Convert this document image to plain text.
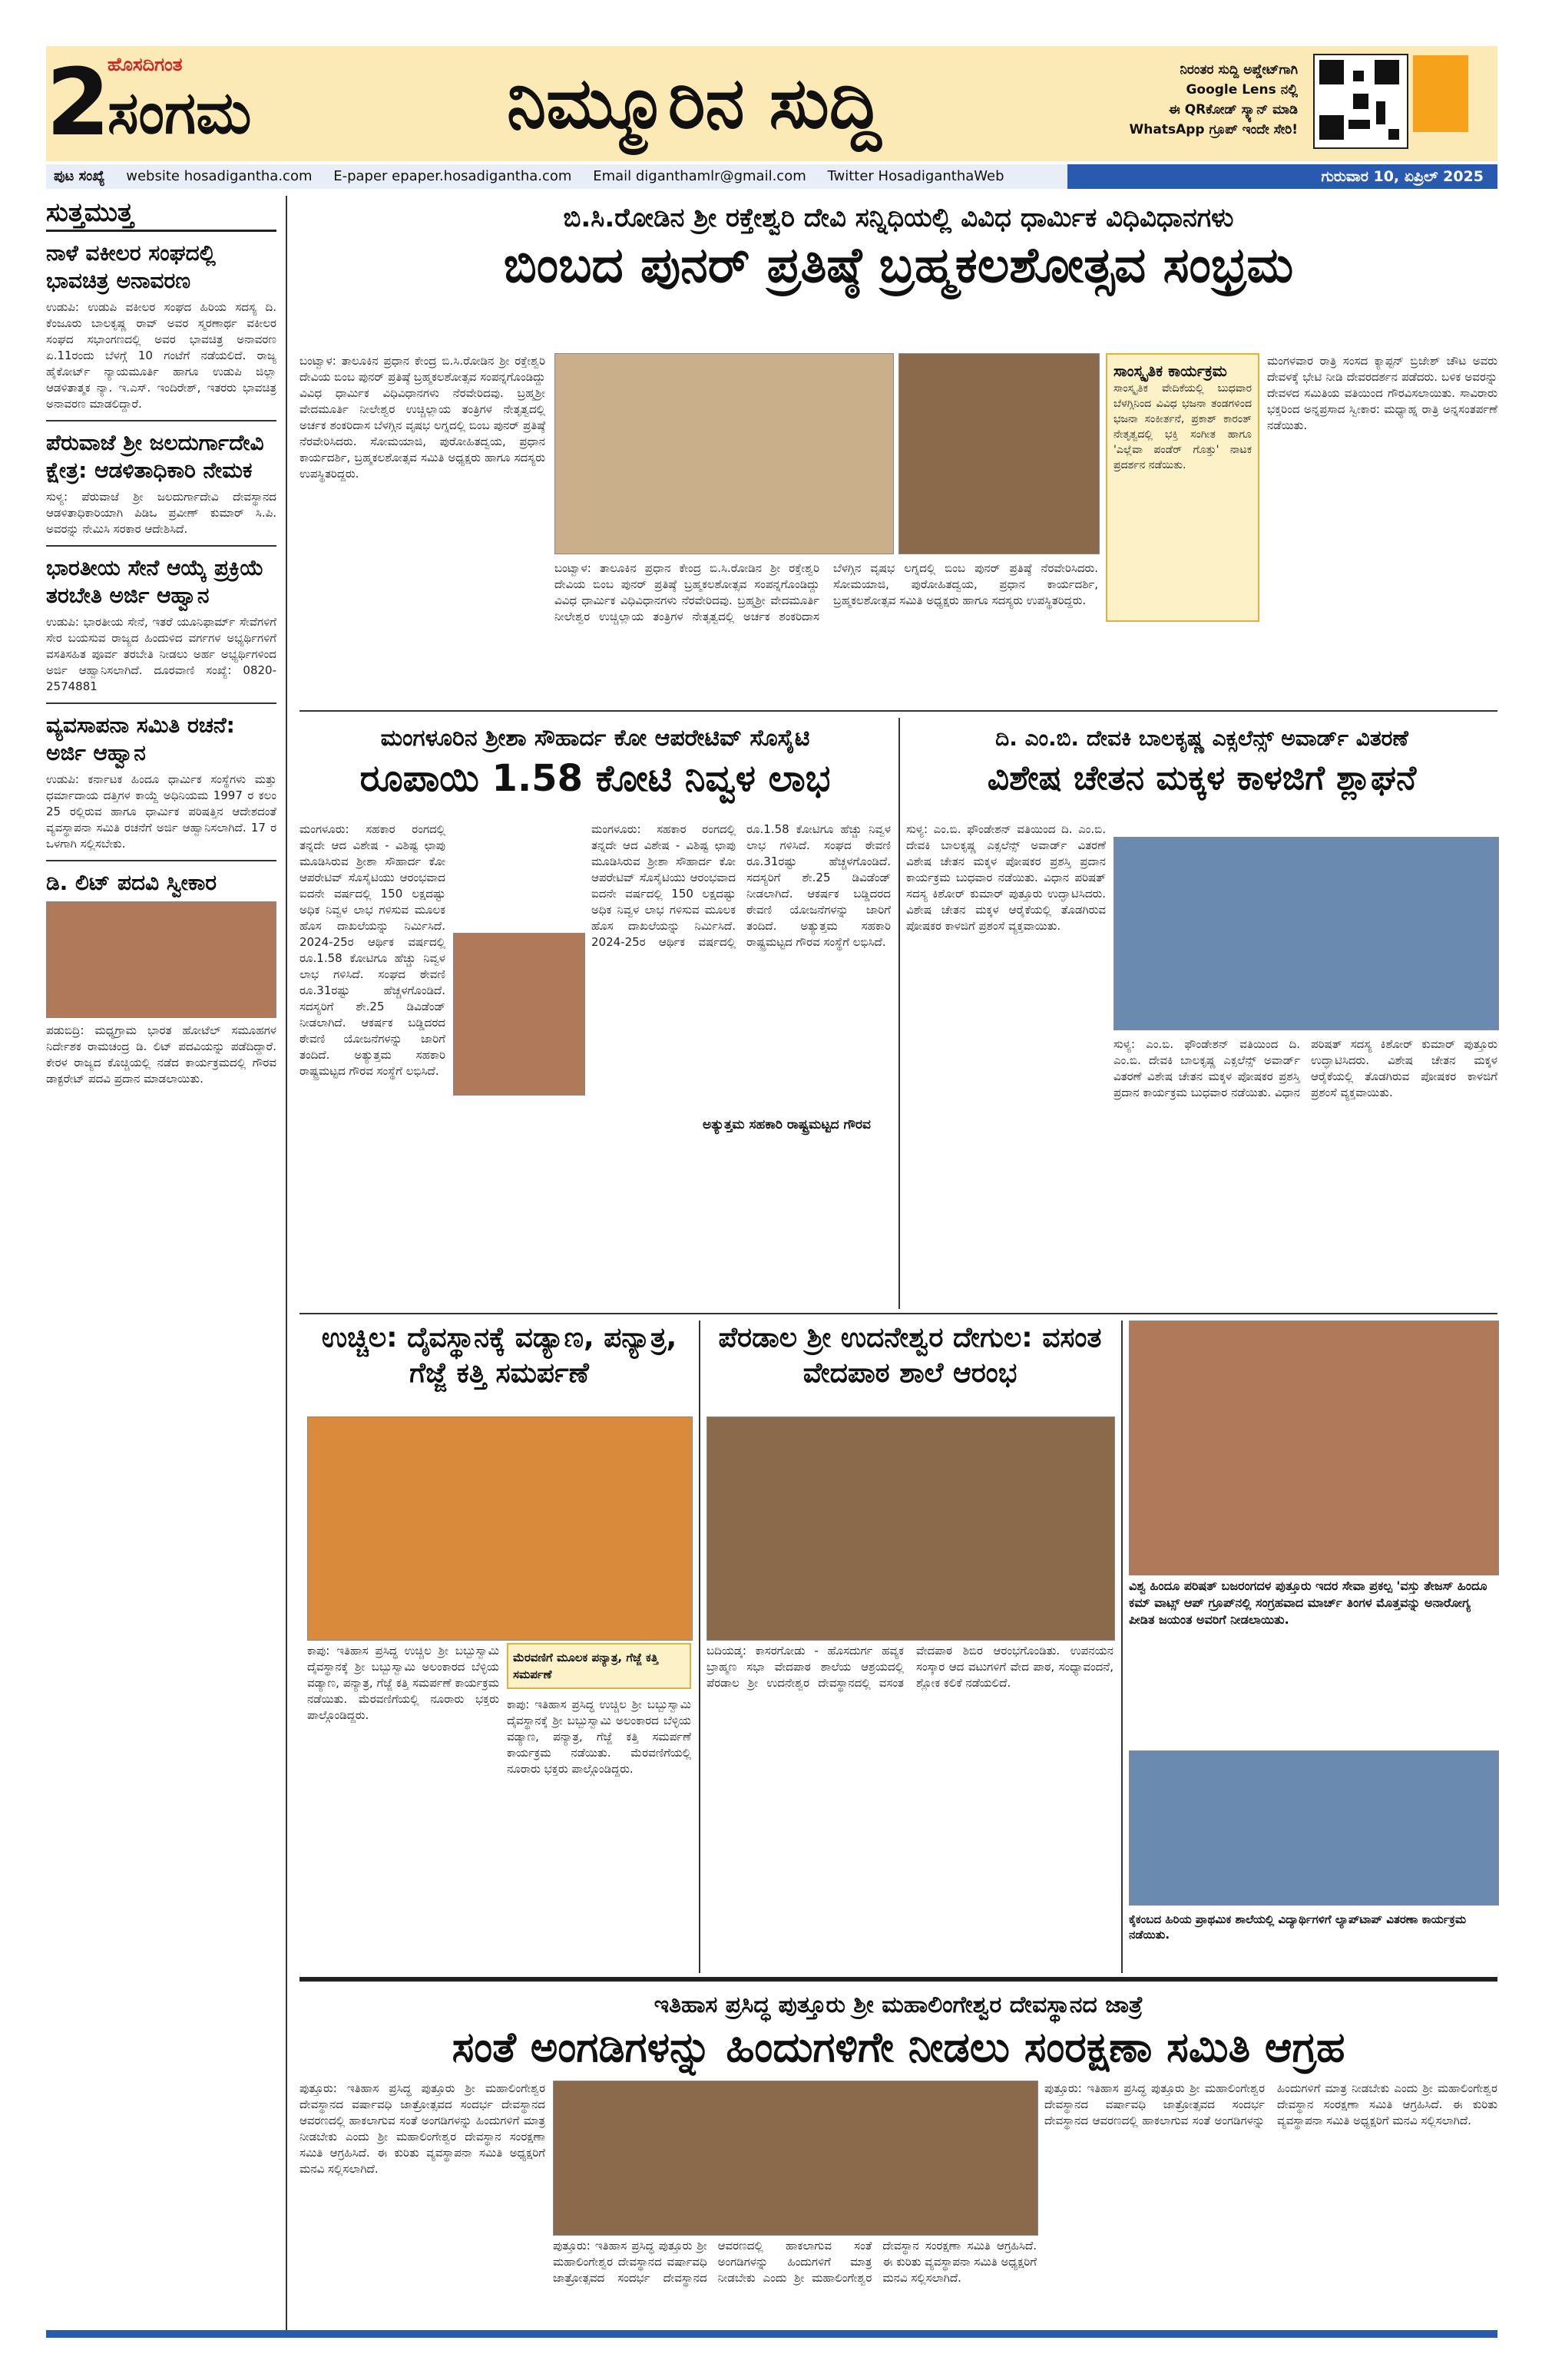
2
ಹೊಸದಿಗಂತ
ಸಂಗಮ	ನಿಮ್ಮೂರಿನ ಸುದ್ದಿ	ನಿರಂತರ ಸುದ್ದಿ ಅಪ್ಡೇಟ್‌ಗಾಗಿ
Google Lens ನಲ್ಲಿ
ಈ QRಕೋಡ್ ಸ್ಕ್ಯಾನ್ ಮಾಡಿ
WhatsApp ಗ್ರೂಪ್ ಇಂದೇ ಸೇರಿ!
ಪುಟ ಸಂಖ್ಯೆ website hosadigantha.com E-paper epaper.hosadigantha.com Email diganthamlr@gmail.com Twitter HosadiganthaWeb	ಗುರುವಾರ 10, ಏಪ್ರಿಲ್ 2025
ಸುತ್ತಮುತ್ತ
ನಾಳೆ ವಕೀಲರ ಸಂಘದಲ್ಲಿ ಭಾವಚಿತ್ರ ಅನಾವರಣ
ಉಡುಪಿ: ಉಡುಪಿ ವಕೀಲರ ಸಂಘದ ಹಿರಿಯ ಸದಸ್ಯ ದಿ. ಕೆಂಜೂರು ಬಾಲಕೃಷ್ಣ ರಾವ್ ಅವರ ಸ್ಮರಣಾರ್ಥ ವಕೀಲರ ಸಂಘದ ಸಭಾಂಗಣದಲ್ಲಿ ಅವರ ಭಾವಚಿತ್ರ ಅನಾವರಣ ಏ.11ರಂದು ಬೆಳಗ್ಗೆ 10 ಗಂಟೆಗೆ ನಡೆಯಲಿದೆ. ರಾಜ್ಯ ಹೈಕೋರ್ಟ್ ನ್ಯಾಯಮೂರ್ತಿ ಹಾಗೂ ಉಡುಪಿ ಜಿಲ್ಲಾ ಆಡಳಿತಾತ್ಮಕ ನ್ಯಾ. ಇ.ಎಸ್. ಇಂದಿರೇಶ್, ಇತರರು ಭಾವಚಿತ್ರ ಅನಾವರಣ ಮಾಡಲಿದ್ದಾರೆ.
ಪೆರುವಾಜೆ ಶ್ರೀ ಜಲದುರ್ಗಾದೇವಿ ಕ್ಷೇತ್ರ: ಆಡಳಿತಾಧಿಕಾರಿ ನೇಮಕ
ಸುಳ್ಯ: ಪೆರುವಾಜೆ ಶ್ರೀ ಜಲದುರ್ಗಾದೇವಿ ದೇವಸ್ಥಾನದ ಆಡಳಿತಾಧಿಕಾರಿಯಾಗಿ ಪಿಡಿಒ ಪ್ರವೀಣ್ ಕುಮಾರ್ ಸಿ.ಪಿ. ಅವರನ್ನು ನೇಮಿಸಿ ಸರಕಾರ ಆದೇಶಿಸಿದೆ.
ಭಾರತೀಯ ಸೇನೆ ಆಯ್ಕೆ ಪ್ರಕ್ರಿಯೆ ತರಬೇತಿ ಅರ್ಜಿ ಆಹ್ವಾನ
ಉಡುಪಿ: ಭಾರತೀಯ ಸೇನೆ, ಇತರೆ ಯೂನಿಫಾರ್ಮ್ ಸೇವೆಗಳಿಗೆ ಸೇರ ಬಯಸುವ ರಾಜ್ಯದ ಹಿಂದುಳಿದ ವರ್ಗಗಳ ಅಭ್ಯರ್ಥಿಗಳಿಗೆ ವಸತಿಸಹಿತ ಪೂರ್ವ ತರಬೇತಿ ನೀಡಲು ಅರ್ಹ ಅಭ್ಯರ್ಥಿಗಳಿಂದ ಅರ್ಜಿ ಆಹ್ವಾನಿಸಲಾಗಿದೆ. ದೂರವಾಣಿ ಸಂಖ್ಯೆ: 0820-2574881
ವ್ಯವಸಾಪನಾ ಸಮಿತಿ ರಚನೆ: ಅರ್ಜಿ ಆಹ್ವಾನ
ಉಡುಪಿ: ಕರ್ನಾಟಕ ಹಿಂದೂ ಧಾರ್ಮಿಕ ಸಂಸ್ಥೆಗಳು ಮತ್ತು ಧರ್ಮಾದಾಯ ದತ್ತಿಗಳ ಕಾಯ್ದೆ ಅಧಿನಿಯಮ 1997 ರ ಕಲಂ 25 ರಲ್ಲಿರುವ ಹಾಗೂ ಧಾರ್ಮಿಕ ಪರಿಷತ್ತಿನ ಆದೇಶದಂತೆ ವ್ಯವಸ್ಥಾಪನಾ ಸಮಿತಿ ರಚನೆಗೆ ಅರ್ಜಿ ಆಹ್ವಾನಿಸಲಾಗಿದೆ. 17 ರ ಒಳಗಾಗಿ ಸಲ್ಲಿಸಬೇಕು.
ಡಿ. ಲಿಟ್ ಪದವಿ ಸ್ವೀಕಾರ
ಪಡುಬಿದ್ರಿ: ಮಧ್ಯಗ್ರಾಮ ಭಾರತ ಹೋಟೆಲ್ ಸಮೂಹಗಳ ನಿರ್ದೇಶಕ ರಾಮಚಂದ್ರ ಡಿ. ಲಿಟ್ ಪದವಿಯನ್ನು ಪಡೆದಿದ್ದಾರೆ. ಕೇರಳ ರಾಜ್ಯದ ಕೊಚ್ಚಿಯಲ್ಲಿ ನಡೆದ ಕಾರ್ಯಕ್ರಮದಲ್ಲಿ ಗೌರವ ಡಾಕ್ಟರೇಟ್ ಪದವಿ ಪ್ರದಾನ ಮಾಡಲಾಯಿತು.
ಬಿ.ಸಿ.ರೋಡಿನ ಶ್ರೀ ರಕ್ತೇಶ್ವರಿ ದೇವಿ ಸನ್ನಿಧಿಯಲ್ಲಿ ವಿವಿಧ ಧಾರ್ಮಿಕ ವಿಧಿವಿಧಾನಗಳು
ಬಿಂಬದ ಪುನರ್ ಪ್ರತಿಷ್ಠೆ ಬ್ರಹ್ಮಕಲಶೋತ್ಸವ ಸಂಭ್ರಮ
ಬಂಟ್ವಾಳ: ತಾಲೂಕಿನ ಪ್ರಧಾನ ಕೇಂದ್ರ ಬಿ.ಸಿ.ರೋಡಿನ ಶ್ರೀ ರಕ್ತೇಶ್ವರಿ ದೇವಿಯ ಬಿಂಬ ಪುನರ್ ಪ್ರತಿಷ್ಠೆ ಬ್ರಹ್ಮಕಲಶೋತ್ಸವ ಸಂಪನ್ನಗೊಂಡಿದ್ದು ವಿವಿಧ ಧಾರ್ಮಿಕ ವಿಧಿವಿಧಾನಗಳು ನೆರವೇರಿದವು. ಬ್ರಹ್ಮಶ್ರೀ ವೇದಮೂರ್ತಿ ನೀಲೇಶ್ವರ ಉಚ್ಚಿಲ್ಲಾಯ ತಂತ್ರಿಗಳ ನೇತೃತ್ವದಲ್ಲಿ ಅರ್ಚಕ ಶಂಕರಿದಾಸ ಬೆಳಗ್ಗಿನ ವೃಷಭ ಲಗ್ನದಲ್ಲಿ ಬಿಂಬ ಪುನರ್ ಪ್ರತಿಷ್ಠೆ ನೆರವೇರಿಸಿದರು. ಸೋಮಯಾಜಿ, ಪುರೋಹಿತದ್ವಯ, ಪ್ರಧಾನ ಕಾರ್ಯದರ್ಶಿ, ಬ್ರಹ್ಮಕಲಶೋತ್ಸವ ಸಮಿತಿ ಅಧ್ಯಕ್ಷರು ಹಾಗೂ ಸದಸ್ಯರು ಉಪಸ್ಥಿತರಿದ್ದರು.
ಬಂಟ್ವಾಳ: ತಾಲೂಕಿನ ಪ್ರಧಾನ ಕೇಂದ್ರ ಬಿ.ಸಿ.ರೋಡಿನ ಶ್ರೀ ರಕ್ತೇಶ್ವರಿ ದೇವಿಯ ಬಿಂಬ ಪುನರ್ ಪ್ರತಿಷ್ಠೆ ಬ್ರಹ್ಮಕಲಶೋತ್ಸವ ಸಂಪನ್ನಗೊಂಡಿದ್ದು ವಿವಿಧ ಧಾರ್ಮಿಕ ವಿಧಿವಿಧಾನಗಳು ನೆರವೇರಿದವು. ಬ್ರಹ್ಮಶ್ರೀ ವೇದಮೂರ್ತಿ ನೀಲೇಶ್ವರ ಉಚ್ಚಿಲ್ಲಾಯ ತಂತ್ರಿಗಳ ನೇತೃತ್ವದಲ್ಲಿ ಅರ್ಚಕ ಶಂಕರಿದಾಸ ಬೆಳಗ್ಗಿನ ವೃಷಭ ಲಗ್ನದಲ್ಲಿ ಬಿಂಬ ಪುನರ್ ಪ್ರತಿಷ್ಠೆ ನೆರವೇರಿಸಿದರು. ಸೋಮಯಾಜಿ, ಪುರೋಹಿತದ್ವಯ, ಪ್ರಧಾನ ಕಾರ್ಯದರ್ಶಿ, ಬ್ರಹ್ಮಕಲಶೋತ್ಸವ ಸಮಿತಿ ಅಧ್ಯಕ್ಷರು ಹಾಗೂ ಸದಸ್ಯರು ಉಪಸ್ಥಿತರಿದ್ದರು.
ಸಾಂಸ್ಕೃತಿಕ ಕಾರ್ಯಕ್ರಮ
ಸಾಂಸ್ಕೃತಿಕ ವೇದಿಕೆಯಲ್ಲಿ ಬುಧವಾರ ಬೆಳಗ್ಗಿನಿಂದ ವಿವಿಧ ಭಜನಾ ತಂಡಗಳಿಂದ ಭಜನಾ ಸಂಕೀರ್ತನೆ, ಪ್ರಕಾಶ್ ಕಾರಂತ್ ನೇತೃತ್ವದಲ್ಲಿ ಭಕ್ತಿ ಸಂಗೀತ ಹಾಗೂ 'ಎಲ್ಲೆವಾ ಪಂಡೆರ್ ಗೊತ್ತು' ನಾಟಕ ಪ್ರದರ್ಶನ ನಡೆಯಿತು.
ಮಂಗಳವಾರ ರಾತ್ರಿ ಸಂಸದ ಕ್ಯಾಪ್ಟನ್ ಬ್ರಿಜೇಶ್ ಚೌಟ ಅವರು ದೇವಳಕ್ಕೆ ಭೇಟಿ ನೀಡಿ ದೇವರದರ್ಶನ ಪಡೆದರು. ಬಳಿಕ ಅವರನ್ನು ದೇವಳದ ಸಮಿತಿಯ ವತಿಯಿಂದ ಗೌರವಿಸಲಾಯಿತು. ಸಾವಿರಾರು ಭಕ್ತರಿಂದ ಅನ್ನಪ್ರಸಾದ ಸ್ವೀಕಾರ: ಮಧ್ಯಾಹ್ನ ರಾತ್ರಿ ಅನ್ನಸಂತರ್ಪಣೆ ನಡೆಯಿತು.
ಮಂಗಳೂರಿನ ಶ್ರೀಶಾ ಸೌಹಾರ್ದ ಕೋ ಆಪರೇಟಿವ್ ಸೊಸೈಟಿ
ರೂಪಾಯಿ 1.58 ಕೋಟಿ ನಿವ್ವಳ ಲಾಭ
ಮಂಗಳೂರು: ಸಹಕಾರ ರಂಗದಲ್ಲಿ ತನ್ನದೇ ಆದ ವಿಶೇಷ - ವಿಶಿಷ್ಟ ಛಾಪು ಮೂಡಿಸಿರುವ ಶ್ರೀಶಾ ಸೌಹಾರ್ದ ಕೋ ಆಪರೇಟಿವ್ ಸೊಸೈಟಿಯು ಆರಂಭವಾದ ಐದನೇ ವರ್ಷದಲ್ಲಿ 150 ಲಕ್ಷದಷ್ಟು ಅಧಿಕ ನಿವ್ವಳ ಲಾಭ ಗಳಿಸುವ ಮೂಲಕ ಹೊಸ ದಾಖಲೆಯನ್ನು ನಿರ್ಮಿಸಿದೆ. 2024-25ರ ಆರ್ಥಿಕ ವರ್ಷದಲ್ಲಿ ರೂ.1.58 ಕೋಟಿಗೂ ಹೆಚ್ಚು ನಿವ್ವಳ ಲಾಭ ಗಳಿಸಿದೆ. ಸಂಘದ ಠೇವಣಿ ರೂ.31ರಷ್ಟು ಹೆಚ್ಚಳಗೊಂಡಿದೆ. ಸದಸ್ಯರಿಗೆ ಶೇ.25 ಡಿವಿಡೆಂಡ್ ನೀಡಲಾಗಿದೆ. ಆಕರ್ಷಕ ಬಡ್ಡಿದರದ ಠೇವಣಿ ಯೋಜನೆಗಳನ್ನು ಜಾರಿಗೆ ತಂದಿದೆ. ಅತ್ಯುತ್ತಮ ಸಹಕಾರಿ ರಾಷ್ಟ್ರಮಟ್ಟದ ಗೌರವ ಸಂಸ್ಥೆಗೆ ಲಭಿಸಿದೆ.
ಮಂಗಳೂರು: ಸಹಕಾರ ರಂಗದಲ್ಲಿ ತನ್ನದೇ ಆದ ವಿಶೇಷ - ವಿಶಿಷ್ಟ ಛಾಪು ಮೂಡಿಸಿರುವ ಶ್ರೀಶಾ ಸೌಹಾರ್ದ ಕೋ ಆಪರೇಟಿವ್ ಸೊಸೈಟಿಯು ಆರಂಭವಾದ ಐದನೇ ವರ್ಷದಲ್ಲಿ 150 ಲಕ್ಷದಷ್ಟು ಅಧಿಕ ನಿವ್ವಳ ಲಾಭ ಗಳಿಸುವ ಮೂಲಕ ಹೊಸ ದಾಖಲೆಯನ್ನು ನಿರ್ಮಿಸಿದೆ. 2024-25ರ ಆರ್ಥಿಕ ವರ್ಷದಲ್ಲಿ ರೂ.1.58 ಕೋಟಿಗೂ ಹೆಚ್ಚು ನಿವ್ವಳ ಲಾಭ ಗಳಿಸಿದೆ. ಸಂಘದ ಠೇವಣಿ ರೂ.31ರಷ್ಟು ಹೆಚ್ಚಳಗೊಂಡಿದೆ. ಸದಸ್ಯರಿಗೆ ಶೇ.25 ಡಿವಿಡೆಂಡ್ ನೀಡಲಾಗಿದೆ. ಆಕರ್ಷಕ ಬಡ್ಡಿದರದ ಠೇವಣಿ ಯೋಜನೆಗಳನ್ನು ಜಾರಿಗೆ ತಂದಿದೆ. ಅತ್ಯುತ್ತಮ ಸಹಕಾರಿ ರಾಷ್ಟ್ರಮಟ್ಟದ ಗೌರವ ಸಂಸ್ಥೆಗೆ ಲಭಿಸಿದೆ.
ಅತ್ಯುತ್ತಮ ಸಹಕಾರಿ ರಾಷ್ಟ್ರಮಟ್ಟದ ಗೌರವ
ದಿ. ಎಂ.ಬಿ. ದೇವಕಿ ಬಾಲಕೃಷ್ಣ ಎಕ್ಸಲೆನ್ಸ್ ಅವಾರ್ಡ್ ವಿತರಣೆ
ವಿಶೇಷ ಚೇತನ ಮಕ್ಕಳ ಕಾಳಜಿಗೆ ಶ್ಲಾಘನೆ
ಸುಳ್ಯ: ಎಂ.ಬಿ. ಫೌಂಡೇಶನ್ ವತಿಯಿಂದ ದಿ. ಎಂ.ಬಿ. ದೇವಕಿ ಬಾಲಕೃಷ್ಣ ಎಕ್ಸಲೆನ್ಸ್ ಅವಾರ್ಡ್ ವಿತರಣೆ ವಿಶೇಷ ಚೇತನ ಮಕ್ಕಳ ಪೋಷಕರ ಪ್ರಶಸ್ತಿ ಪ್ರದಾನ ಕಾರ್ಯಕ್ರಮ ಬುಧವಾರ ನಡೆಯಿತು. ವಿಧಾನ ಪರಿಷತ್ ಸದಸ್ಯ ಕಿಶೋರ್ ಕುಮಾರ್ ಪುತ್ತೂರು ಉದ್ಘಾಟಿಸಿದರು. ವಿಶೇಷ ಚೇತನ ಮಕ್ಕಳ ಆರೈಕೆಯಲ್ಲಿ ತೊಡಗಿರುವ ಪೋಷಕರ ಕಾಳಜಿಗೆ ಪ್ರಶಂಸೆ ವ್ಯಕ್ತವಾಯಿತು.
ಸುಳ್ಯ: ಎಂ.ಬಿ. ಫೌಂಡೇಶನ್ ವತಿಯಿಂದ ದಿ. ಎಂ.ಬಿ. ದೇವಕಿ ಬಾಲಕೃಷ್ಣ ಎಕ್ಸಲೆನ್ಸ್ ಅವಾರ್ಡ್ ವಿತರಣೆ ವಿಶೇಷ ಚೇತನ ಮಕ್ಕಳ ಪೋಷಕರ ಪ್ರಶಸ್ತಿ ಪ್ರದಾನ ಕಾರ್ಯಕ್ರಮ ಬುಧವಾರ ನಡೆಯಿತು. ವಿಧಾನ ಪರಿಷತ್ ಸದಸ್ಯ ಕಿಶೋರ್ ಕುಮಾರ್ ಪುತ್ತೂರು ಉದ್ಘಾಟಿಸಿದರು. ವಿಶೇಷ ಚೇತನ ಮಕ್ಕಳ ಆರೈಕೆಯಲ್ಲಿ ತೊಡಗಿರುವ ಪೋಷಕರ ಕಾಳಜಿಗೆ ಪ್ರಶಂಸೆ ವ್ಯಕ್ತವಾಯಿತು.
ಉಚ್ಚಿಲ: ದೈವಸ್ಥಾನಕ್ಕೆ ವಡ್ಯಾಣ, ಪನ್ಯಾತ್ರ, ಗೆಜ್ಜೆ ಕತ್ತಿ ಸಮರ್ಪಣೆ
ಕಾಪು: ಇತಿಹಾಸ ಪ್ರಸಿದ್ಧ ಉಚ್ಚಿಲ ಶ್ರೀ ಬಬ್ಬುಸ್ವಾಮಿ ದೈವಸ್ಥಾನಕ್ಕೆ ಶ್ರೀ ಬಬ್ಬುಸ್ವಾಮಿ ಅಲಂಕಾರದ ಬೆಳ್ಳಿಯ ವಡ್ಯಾಣ, ಪನ್ಯಾತ್ರ, ಗೆಜ್ಜೆ ಕತ್ತಿ ಸಮರ್ಪಣೆ ಕಾರ್ಯಕ್ರಮ ನಡೆಯಿತು. ಮೆರವಣಿಗೆಯಲ್ಲಿ ನೂರಾರು ಭಕ್ತರು ಪಾಲ್ಗೊಂಡಿದ್ದರು.
ಮೆರವಣಿಗೆ ಮೂಲಕ ಪನ್ಯಾತ್ರ, ಗೆಜ್ಜೆ ಕತ್ತಿ ಸಮರ್ಪಣೆ
ಕಾಪು: ಇತಿಹಾಸ ಪ್ರಸಿದ್ಧ ಉಚ್ಚಿಲ ಶ್ರೀ ಬಬ್ಬುಸ್ವಾಮಿ ದೈವಸ್ಥಾನಕ್ಕೆ ಶ್ರೀ ಬಬ್ಬುಸ್ವಾಮಿ ಅಲಂಕಾರದ ಬೆಳ್ಳಿಯ ವಡ್ಯಾಣ, ಪನ್ಯಾತ್ರ, ಗೆಜ್ಜೆ ಕತ್ತಿ ಸಮರ್ಪಣೆ ಕಾರ್ಯಕ್ರಮ ನಡೆಯಿತು. ಮೆರವಣಿಗೆಯಲ್ಲಿ ನೂರಾರು ಭಕ್ತರು ಪಾಲ್ಗೊಂಡಿದ್ದರು.
ಪೆರಡಾಲ ಶ್ರೀ ಉದನೇಶ್ವರ ದೇಗುಲ: ವಸಂತ ವೇದಪಾಠ ಶಾಲೆ ಆರಂಭ
ಬದಿಯಡ್ಕ: ಕಾಸರಗೋಡು - ಹೊಸದುರ್ಗ ಹವ್ಯಕ ಬ್ರಾಹ್ಮಣ ಸಭಾ ವೇದಪಾಠ ಶಾಲೆಯ ಆಶ್ರಯದಲ್ಲಿ ಪೆರಡಾಲ ಶ್ರೀ ಉದನೇಶ್ವರ ದೇವಸ್ಥಾನದಲ್ಲಿ ವಸಂತ ವೇದಪಾಠ ಶಿಬಿರ ಆರಂಭಗೊಂಡಿತು. ಉಪನಯನ ಸಂಸ್ಕಾರ ಆದ ವಟುಗಳಿಗೆ ವೇದ ಪಾಠ, ಸಂಧ್ಯಾವಂದನೆ, ಶ್ಲೋಕ ಕಲಿಕೆ ನಡೆಯಲಿದೆ.
ವಿಶ್ವ ಹಿಂದೂ ಪರಿಷತ್ ಬಜರಂಗದಳ ಪುತ್ತೂರು ಇದರ ಸೇವಾ ಪ್ರಕಲ್ಪ 'ವಸ್ತು ತೇಜಸ್ ಹಿಂದೂ ಕಮ್ ವಾಟ್ಸ್ ಆಪ್ ಗ್ರೂಪ್‌ನಲ್ಲಿ ಸಂಗ್ರಹವಾದ ಮಾರ್ಚ್ ತಿಂಗಳ ಮೊತ್ತವನ್ನು ಅನಾರೋಗ್ಯ ಪೀಡಿತ ಜಯಂತ ಅವರಿಗೆ ನೀಡಲಾಯಿತು.
ಕೈಕಂಬದ ಹಿರಿಯ ಪ್ರಾಥಮಿಕ ಶಾಲೆಯಲ್ಲಿ ವಿದ್ಯಾರ್ಥಿಗಳಿಗೆ ಲ್ಯಾಪ್‌ಟಾಪ್ ವಿತರಣಾ ಕಾರ್ಯಕ್ರಮ ನಡೆಯಿತು.
ಇತಿಹಾಸ ಪ್ರಸಿದ್ಧ ಪುತ್ತೂರು ಶ್ರೀ ಮಹಾಲಿಂಗೇಶ್ವರ ದೇವಸ್ಥಾನದ ಜಾತ್ರೆ
ಸಂತೆ ಅಂಗಡಿಗಳನ್ನು ಹಿಂದುಗಳಿಗೇ ನೀಡಲು ಸಂರಕ್ಷಣಾ ಸಮಿತಿ ಆಗ್ರಹ
ಪುತ್ತೂರು: ಇತಿಹಾಸ ಪ್ರಸಿದ್ಧ ಪುತ್ತೂರು ಶ್ರೀ ಮಹಾಲಿಂಗೇಶ್ವರ ದೇವಸ್ಥಾನದ ವರ್ಷಾವಧಿ ಜಾತ್ರೋತ್ಸವದ ಸಂದರ್ಭ ದೇವಸ್ಥಾನದ ಆವರಣದಲ್ಲಿ ಹಾಕಲಾಗುವ ಸಂತೆ ಅಂಗಡಿಗಳನ್ನು ಹಿಂದುಗಳಿಗೆ ಮಾತ್ರ ನೀಡಬೇಕು ಎಂದು ಶ್ರೀ ಮಹಾಲಿಂಗೇಶ್ವರ ದೇವಸ್ಥಾನ ಸಂರಕ್ಷಣಾ ಸಮಿತಿ ಆಗ್ರಹಿಸಿದೆ. ಈ ಕುರಿತು ವ್ಯವಸ್ಥಾಪನಾ ಸಮಿತಿ ಅಧ್ಯಕ್ಷರಿಗೆ ಮನವಿ ಸಲ್ಲಿಸಲಾಗಿದೆ.
ಪುತ್ತೂರು: ಇತಿಹಾಸ ಪ್ರಸಿದ್ಧ ಪುತ್ತೂರು ಶ್ರೀ ಮಹಾಲಿಂಗೇಶ್ವರ ದೇವಸ್ಥಾನದ ವರ್ಷಾವಧಿ ಜಾತ್ರೋತ್ಸವದ ಸಂದರ್ಭ ದೇವಸ್ಥಾನದ ಆವರಣದಲ್ಲಿ ಹಾಕಲಾಗುವ ಸಂತೆ ಅಂಗಡಿಗಳನ್ನು ಹಿಂದುಗಳಿಗೆ ಮಾತ್ರ ನೀಡಬೇಕು ಎಂದು ಶ್ರೀ ಮಹಾಲಿಂಗೇಶ್ವರ ದೇವಸ್ಥಾನ ಸಂರಕ್ಷಣಾ ಸಮಿತಿ ಆಗ್ರಹಿಸಿದೆ. ಈ ಕುರಿತು ವ್ಯವಸ್ಥಾಪನಾ ಸಮಿತಿ ಅಧ್ಯಕ್ಷರಿಗೆ ಮನವಿ ಸಲ್ಲಿಸಲಾಗಿದೆ.
ಪುತ್ತೂರು: ಇತಿಹಾಸ ಪ್ರಸಿದ್ಧ ಪುತ್ತೂರು ಶ್ರೀ ಮಹಾಲಿಂಗೇಶ್ವರ ದೇವಸ್ಥಾನದ ವರ್ಷಾವಧಿ ಜಾತ್ರೋತ್ಸವದ ಸಂದರ್ಭ ದೇವಸ್ಥಾನದ ಆವರಣದಲ್ಲಿ ಹಾಕಲಾಗುವ ಸಂತೆ ಅಂಗಡಿಗಳನ್ನು ಹಿಂದುಗಳಿಗೆ ಮಾತ್ರ ನೀಡಬೇಕು ಎಂದು ಶ್ರೀ ಮಹಾಲಿಂಗೇಶ್ವರ ದೇವಸ್ಥಾನ ಸಂರಕ್ಷಣಾ ಸಮಿತಿ ಆಗ್ರಹಿಸಿದೆ. ಈ ಕುರಿತು ವ್ಯವಸ್ಥಾಪನಾ ಸಮಿತಿ ಅಧ್ಯಕ್ಷರಿಗೆ ಮನವಿ ಸಲ್ಲಿಸಲಾಗಿದೆ.
